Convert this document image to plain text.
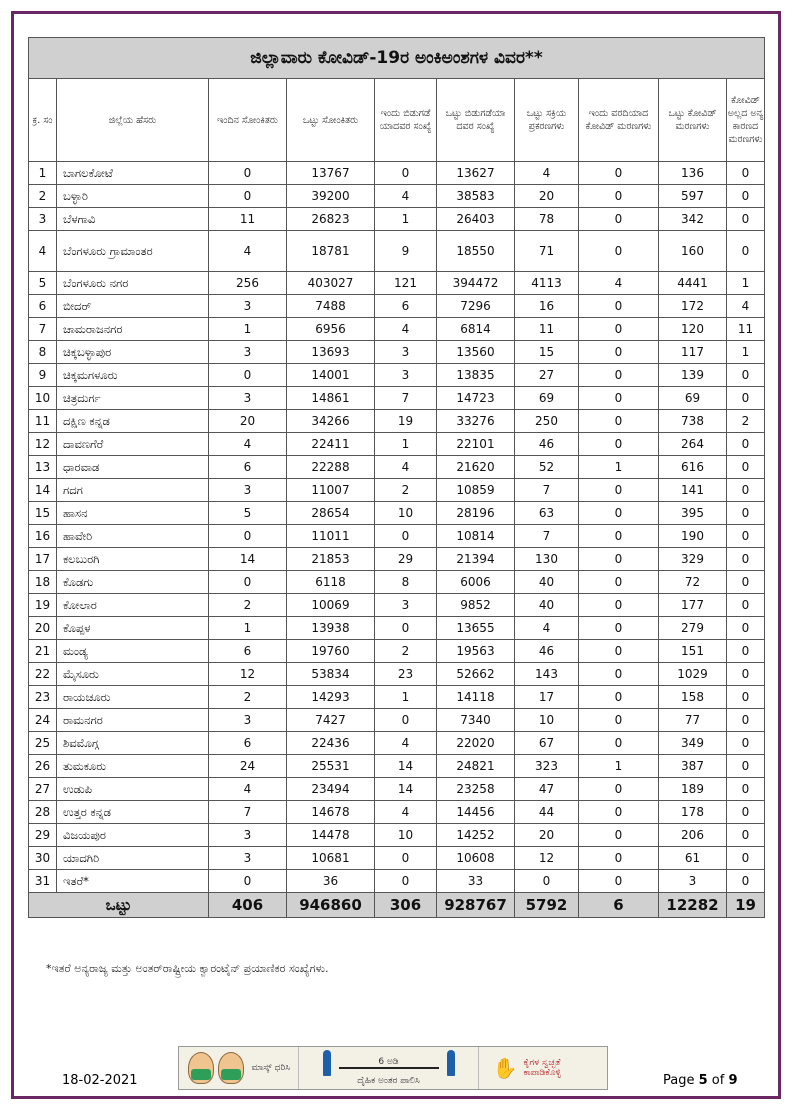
ಜಿಲ್ಲಾವಾರು ಕೋವಿಡ್-19ರ ಅಂಕಿಅಂಶಗಳ ವಿವರ**									
ಕ್ರ. ಸಂ	ಜಿಲ್ಲೆಯ ಹೆಸರು	ಇಂದಿನ ಸೋಂಕಿತರು	ಒಟ್ಟು ಸೋಂಕಿತರು	ಇಂದು ಬಿಡುಗಡೆ ಯಾದವರ ಸಂಖ್ಯೆ	ಒಟ್ಟು ಬಿಡುಗಡೆಯಾ ದವರ ಸಂಖ್ಯೆ	ಒಟ್ಟು ಸಕ್ರಿಯ ಪ್ರಕರಣಗಳು	ಇಂದು ವರದಿಯಾದ ಕೋವಿಡ್ ಮರಣಗಳು	ಒಟ್ಟು ಕೋವಿಡ್ ಮರಣಗಳು	ಕೋವಿಡ್ ಅಲ್ಲದ ಅನ್ಯ ಕಾರಣದ ಮರಣಗಳು
1	ಬಾಗಲಕೋಟೆ	0	13767	0	13627	4	0	136	0
2	ಬಳ್ಳಾರಿ	0	39200	4	38583	20	0	597	0
3	ಬೆಳಗಾವಿ	11	26823	1	26403	78	0	342	0
4	ಬೆಂಗಳೂರು ಗ್ರಾಮಾಂತರ	4	18781	9	18550	71	0	160	0
5	ಬೆಂಗಳೂರು ನಗರ	256	403027	121	394472	4113	4	4441	1
6	ಬೀದರ್	3	7488	6	7296	16	0	172	4
7	ಚಾಮರಾಜನಗರ	1	6956	4	6814	11	0	120	11
8	ಚಿಕ್ಕಬಳ್ಳಾಪುರ	3	13693	3	13560	15	0	117	1
9	ಚಿಕ್ಕಮಗಳೂರು	0	14001	3	13835	27	0	139	0
10	ಚಿತ್ರದುರ್ಗ	3	14861	7	14723	69	0	69	0
11	ದಕ್ಷಿಣ ಕನ್ನಡ	20	34266	19	33276	250	0	738	2
12	ದಾವಣಗೆರೆ	4	22411	1	22101	46	0	264	0
13	ಧಾರವಾಡ	6	22288	4	21620	52	1	616	0
14	ಗದಗ	3	11007	2	10859	7	0	141	0
15	ಹಾಸನ	5	28654	10	28196	63	0	395	0
16	ಹಾವೇರಿ	0	11011	0	10814	7	0	190	0
17	ಕಲಬುರಗಿ	14	21853	29	21394	130	0	329	0
18	ಕೊಡಗು	0	6118	8	6006	40	0	72	0
19	ಕೋಲಾರ	2	10069	3	9852	40	0	177	0
20	ಕೊಪ್ಪಳ	1	13938	0	13655	4	0	279	0
21	ಮಂಡ್ಯ	6	19760	2	19563	46	0	151	0
22	ಮೈಸೂರು	12	53834	23	52662	143	0	1029	0
23	ರಾಯಚೂರು	2	14293	1	14118	17	0	158	0
24	ರಾಮನಗರ	3	7427	0	7340	10	0	77	0
25	ಶಿವಮೊಗ್ಗ	6	22436	4	22020	67	0	349	0
26	ತುಮಕೂರು	24	25531	14	24821	323	1	387	0
27	ಉಡುಪಿ	4	23494	14	23258	47	0	189	0
28	ಉತ್ತರ ಕನ್ನಡ	7	14678	4	14456	44	0	178	0
29	ವಿಜಯಪುರ	3	14478	10	14252	20	0	206	0
30	ಯಾದಗಿರಿ	3	10681	0	10608	12	0	61	0
31	ಇತರೆ*	0	36	0	33	0	0	3	0
ಒಟ್ಟು		406	946860	306	928767	5792	6	12282	19
*ಇತರೆ ಅನ್ಯರಾಜ್ಯ ಮತ್ತು ಅಂತರ್‌ರಾಷ್ಟ್ರೀಯ ಕ್ವಾರಂಟೈನ್ ಪ್ರಯಾಣಿಕರ ಸಂಖ್ಯೆಗಳು.
ಮಾಸ್ಕ್ ಧರಿಸಿ
6 ಅಡಿ
ದೈಹಿಕ ಅಂತರ ಪಾಲಿಸಿ
✋ ಕೈಗಳ ಸ್ವಚ್ಛತೆ ಕಾಪಾಡಿಕೊಳ್ಳಿ
18-02-2021	Page 5 of 9
